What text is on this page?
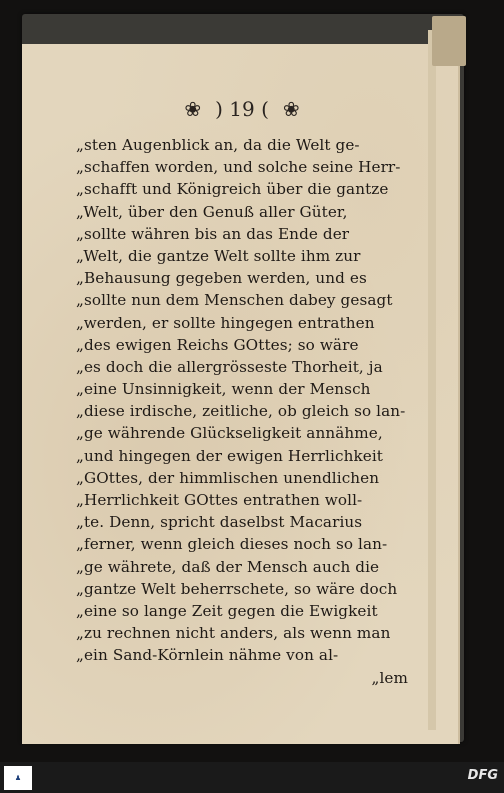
❀ ) 19 ( ❀
„sten Augenblick an, da die Welt ge-
„schaffen worden, und solche seine Herr-
„schafft und Königreich über die gantze
„Welt, über den Genuß aller Güter,
„sollte währen bis an das Ende der
„Welt, die gantze Welt sollte ihm zur
„Behausung gegeben werden, und es
„sollte nun dem Menschen dabey gesagt
„werden, er sollte hingegen entrathen
„des ewigen Reichs GOttes; so wäre
„es doch die allergrösseste Thorheit, ja
„eine Unsinnigkeit, wenn der Mensch
„diese irdische, zeitliche, ob gleich so lan-
„ge währende Glückseligkeit annähme,
„und hingegen der ewigen Herrlichkeit
„GOttes, der himmlischen unendlichen
„Herrlichkeit GOttes entrathen woll-
„te. Denn, spricht daselbst Macarius
„ferner, wenn gleich dieses noch so lan-
„ge währete, daß der Mensch auch die
„gantze Welt beherrschete, so wäre doch
„eine so lange Zeit gegen die Ewigkeit
„zu rechnen nicht anders, als wenn man
„ein Sand-Körnlein nähme von al-
„lem
♟	DFG
